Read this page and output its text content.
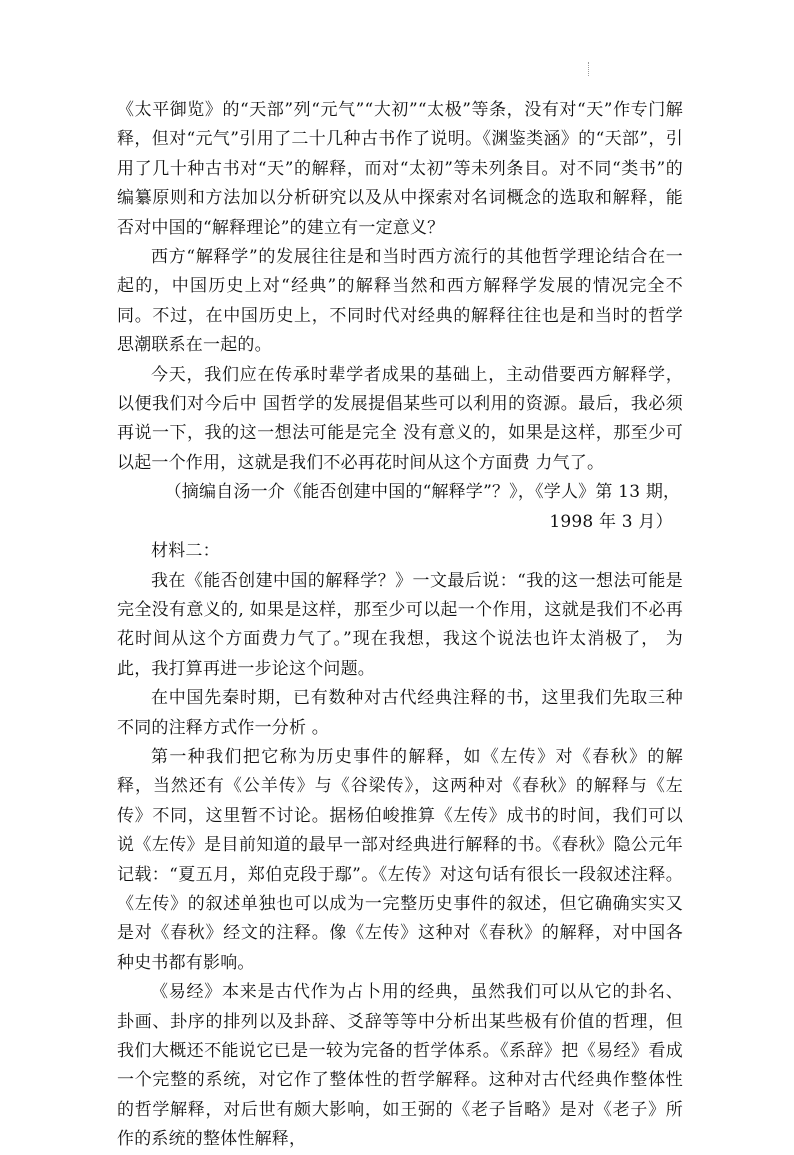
《太平御览》的“天部”列“元气”“大初”“太极”等条，没有对“天”作专门解释，但对“元气”引用了二十几种古书作了说明。《渊鉴类涵》的“天部”，引用了几十种古书对“天”的解释，而对“太初”等未列条目。对不同“类书”的编纂原则和方法加以分析研究以及从中探索对名词概念的选取和解释，能否对中国的“解释理论”的建立有一定意义？

西方“解释学”的发展往往是和当时西方流行的其他哲学理论结合在一起的，中国历史上对“经典”的解释当然和西方解释学发展的情况完全不同。不过，在中国历史上，不同时代对经典的解释往往也是和当时的哲学思潮联系在一起的。

今天，我们应在传承时辈学者成果的基础上，主动借要西方解释学，以便我们对今后中 国哲学的发展提倡某些可以利用的资源。最后，我必须再说一下，我的这一想法可能是完全 没有意义的，如果是这样，那至少可以起一个作用，这就是我们不必再花时间从这个方面费 力气了。

（摘编自汤一介《能否创建中国的“解释学”？》，《学人》第 13 期，

1998 年 3 月）

材料二：

我在《能否创建中国的解释学？》一文最后说：“我的这一想法可能是完全没有意义的, 如果是这样，那至少可以起一个作用，这就是我们不必再花时间从这个方面费力气了。”现在我想，我这个说法也许太消极了， 为此，我打算再进一步论这个问题。

在中国先秦时期，已有数种对古代经典注释的书，这里我们先取三种不同的注释方式作一分析 。

第一种我们把它称为历史事件的解释，如《左传》对《春秋》的解释，当然还有《公羊传》与《谷梁传》，这两种对《春秋》的解释与《左传》不同，这里暂不讨论。据杨伯峻推算《左传》成书的时间，我们可以说《左传》是目前知道的最早一部对经典进行解释的书。《春秋》隐公元年记载：“夏五月，郑伯克段于鄢”。《左传》对这句话有很长一段叙述注释。《左传》的叙述单独也可以成为一完整历史事件的叙述，但它确确实实又是对《春秋》经文的注释。像《左传》这种对《春秋》的解释，对中国各种史书都有影响。

《易经》本来是古代作为占卜用的经典，虽然我们可以从它的卦名、卦画、卦序的排列以及卦辞、爻辞等等中分析出某些极有价值的哲理，但我们大概还不能说它已是一较为完备的哲学体系。《系辞》把《易经》看成一个完整的系统，对它作了整体性的哲学解释。这种对古代经典作整体性的哲学解释，对后世有颇大影响，如王弼的《老子旨略》是对《老子》所作的系统的整体性解释，
